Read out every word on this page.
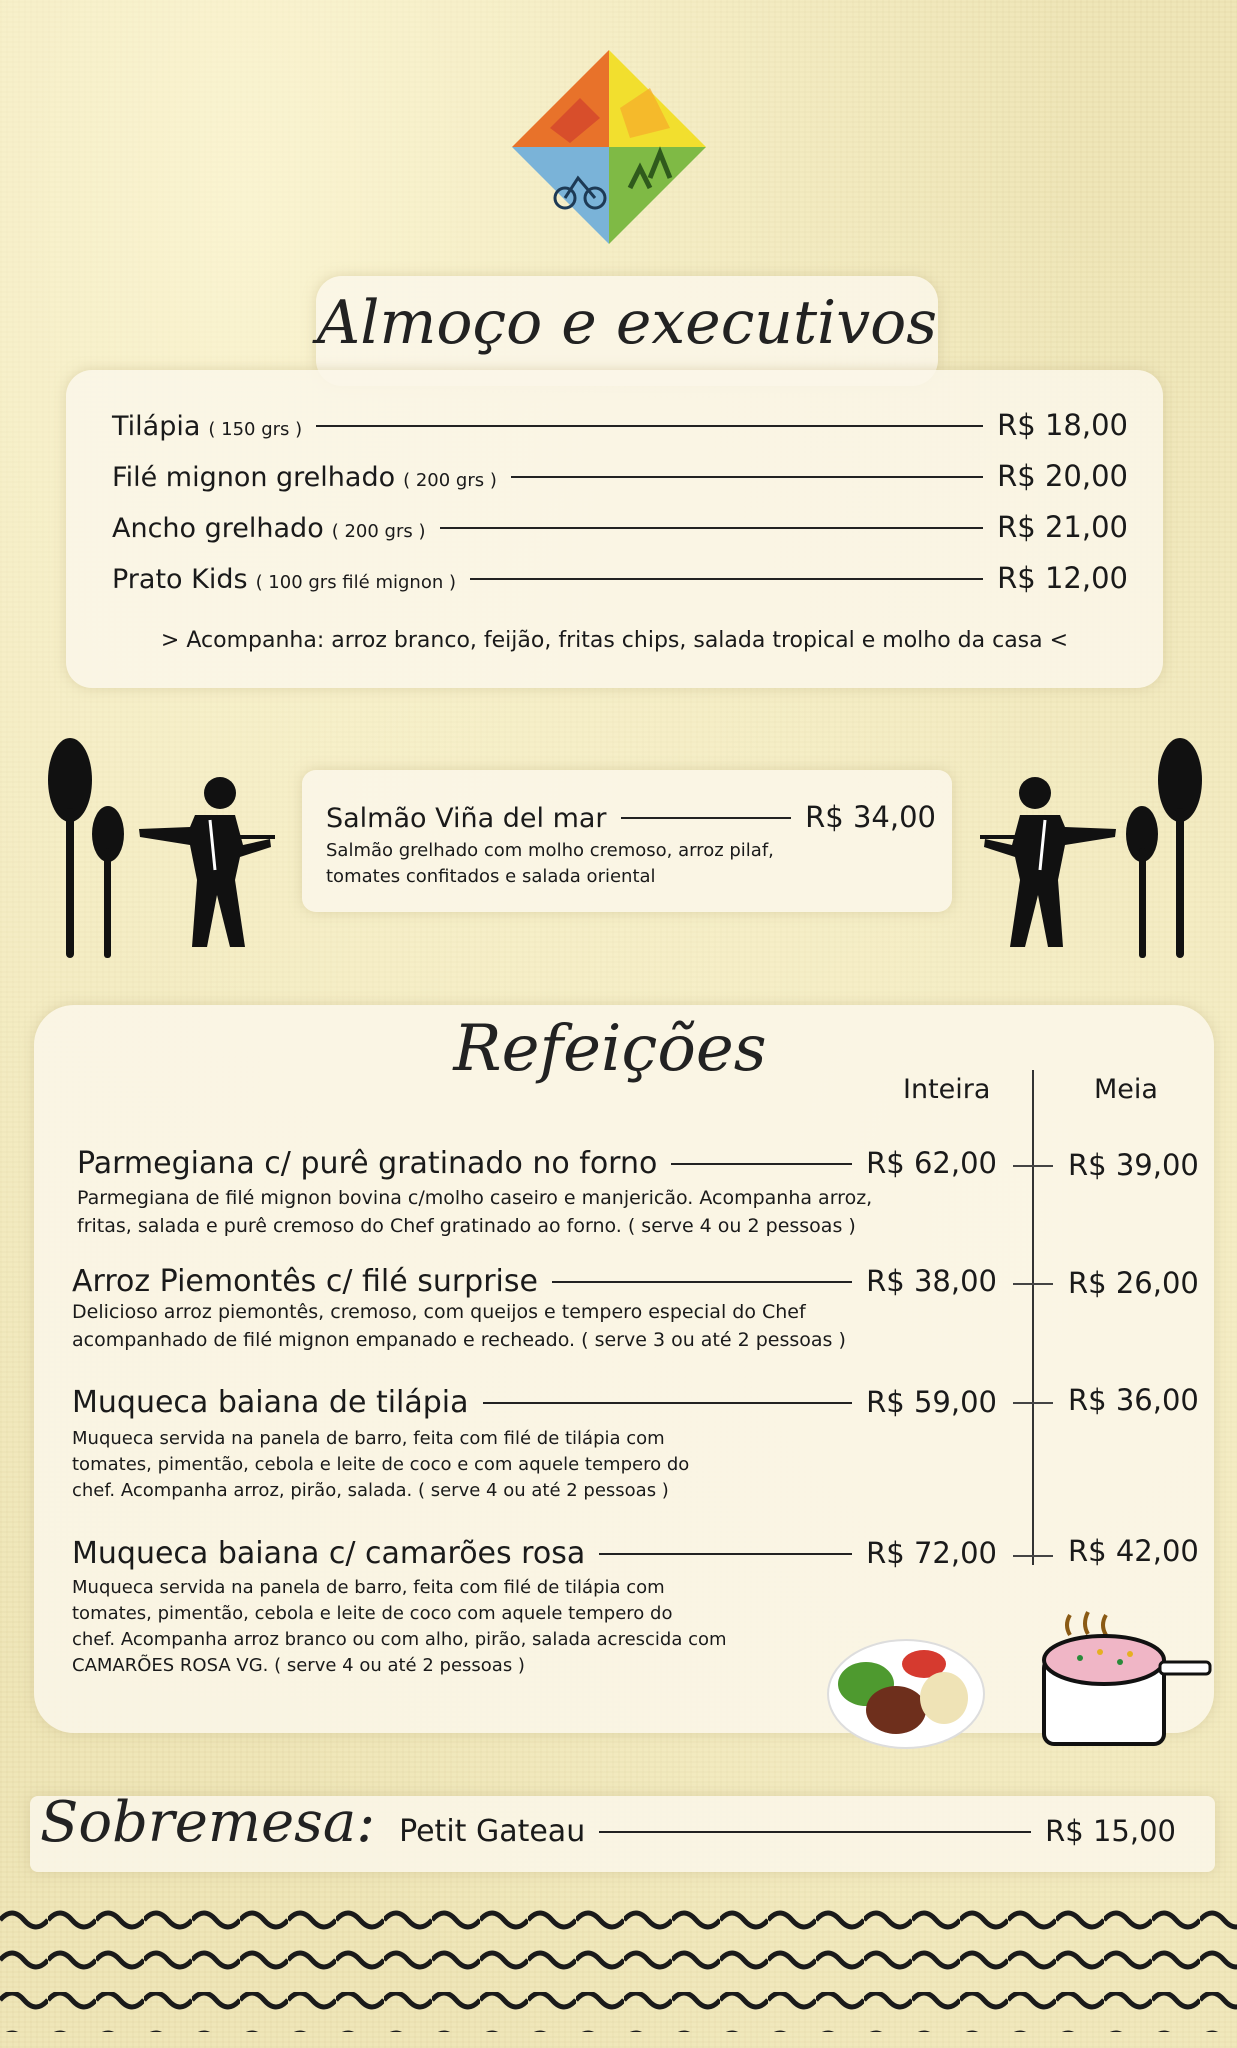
Almoço e executivos
Tilápia ( 150 grs )	R$ 18,00
Filé mignon grelhado ( 200 grs )	R$ 20,00
Ancho grelhado ( 200 grs )	R$ 21,00
Prato Kids ( 100 grs filé mignon )	R$ 12,00
> Acompanha: arroz branco, feijão, fritas chips, salada tropical e molho da casa <
Salmão Viña del mar	R$ 34,00
Salmão grelhado com molho cremoso, arroz pilaf,
tomates confitados e salada oriental
Refeições
Inteira	Meia
Parmegiana c/ purê gratinado no forno	R$ 62,00 R$ 39,00
Parmegiana de filé mignon bovina c/molho caseiro e manjericão. Acompanha arroz,
fritas, salada e purê cremoso do Chef gratinado ao forno. ( serve 4 ou 2 pessoas )
Arroz Piemontês c/ filé surprise	R$ 38,00 R$ 26,00
Delicioso arroz piemontês, cremoso, com queijos e tempero especial do Chef
acompanhado de filé mignon empanado e recheado. ( serve 3 ou até 2 pessoas )
Muqueca baiana de tilápia	R$ 59,00 R$ 36,00
Muqueca servida na panela de barro, feita com filé de tilápia com
tomates, pimentão, cebola e leite de coco e com aquele tempero do
chef. Acompanha arroz, pirão, salada. ( serve 4 ou até 2 pessoas )
Muqueca baiana c/ camarões rosa	R$ 72,00 R$ 42,00
Muqueca servida na panela de barro, feita com filé de tilápia com
tomates, pimentão, cebola e leite de coco com aquele tempero do
chef. Acompanha arroz branco ou com alho, pirão, salada acrescida com
CAMARÕES ROSA VG. ( serve 4 ou até 2 pessoas )
Sobremesa: Petit Gateau	R$ 15,00
